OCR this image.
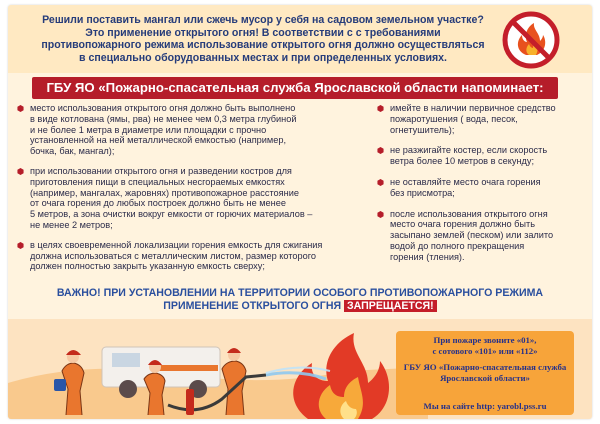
Решили поставить мангал или сжечь мусор у себя на садовом земельном участке?
Это применение открытого огня! В соответствии с с требованиями
противопожарного режима использование открытого огня должно осуществляться
в специально оборудованных местах и при определенных условиях.

ГБУ ЯО «Пожарно-спасательная служба Ярославской области напоминает:
место использования открытого огня должно быть выполнено
в виде котлована (ямы, рва) не менее чем 0,3 метра глубиной
и не более 1 метра в диаметре или площадки с прочно
установленной на ней металлической емкостью (например,
бочка, бак, мангал);
при использовании открытого огня и разведении костров для
приготовления пищи в специальных несгораемых емкостях
(например, мангалах, жаровнях) противопожарное расстояние
от очага горения до любых построек должно быть не менее
5 метров, а зона очистки вокруг емкости от горючих материалов –
не менее 2 метров;
в целях своевременной локализации горения емкость для сжигания
должна использоваться с металлическим листом, размер которого
должен полностью закрыть указанную емкость сверху;
имейте в наличии первичное средство
пожаротушения ( вода, песок,
огнетушитель);
не разжигайте костер, если скорость
ветра более 10 метров в секунду;
не оставляйте место очага горения
без присмотра;
после использования открытого огня
место очага горения должно быть
засыпано землей (песком) или залито
водой до полного прекращения
горения (тления).
ВАЖНО! ПРИ УСТАНОВЛЕНИИ НА ТЕРРИТОРИИ ОСОБОГО ПРОТИВОПОЖАРНОГО РЕЖИМА
ПРИМЕНЕНИЕ ОТКРЫТОГО ОГНЯ ЗАПРЕЩАЕТСЯ!
При пожаре звоните «01»,
с сотового «101» или «112»
ГБУ ЯО «Пожарно-спасательная служба
Ярославской области»
Мы на сайте http: yarobl.pss.ru
